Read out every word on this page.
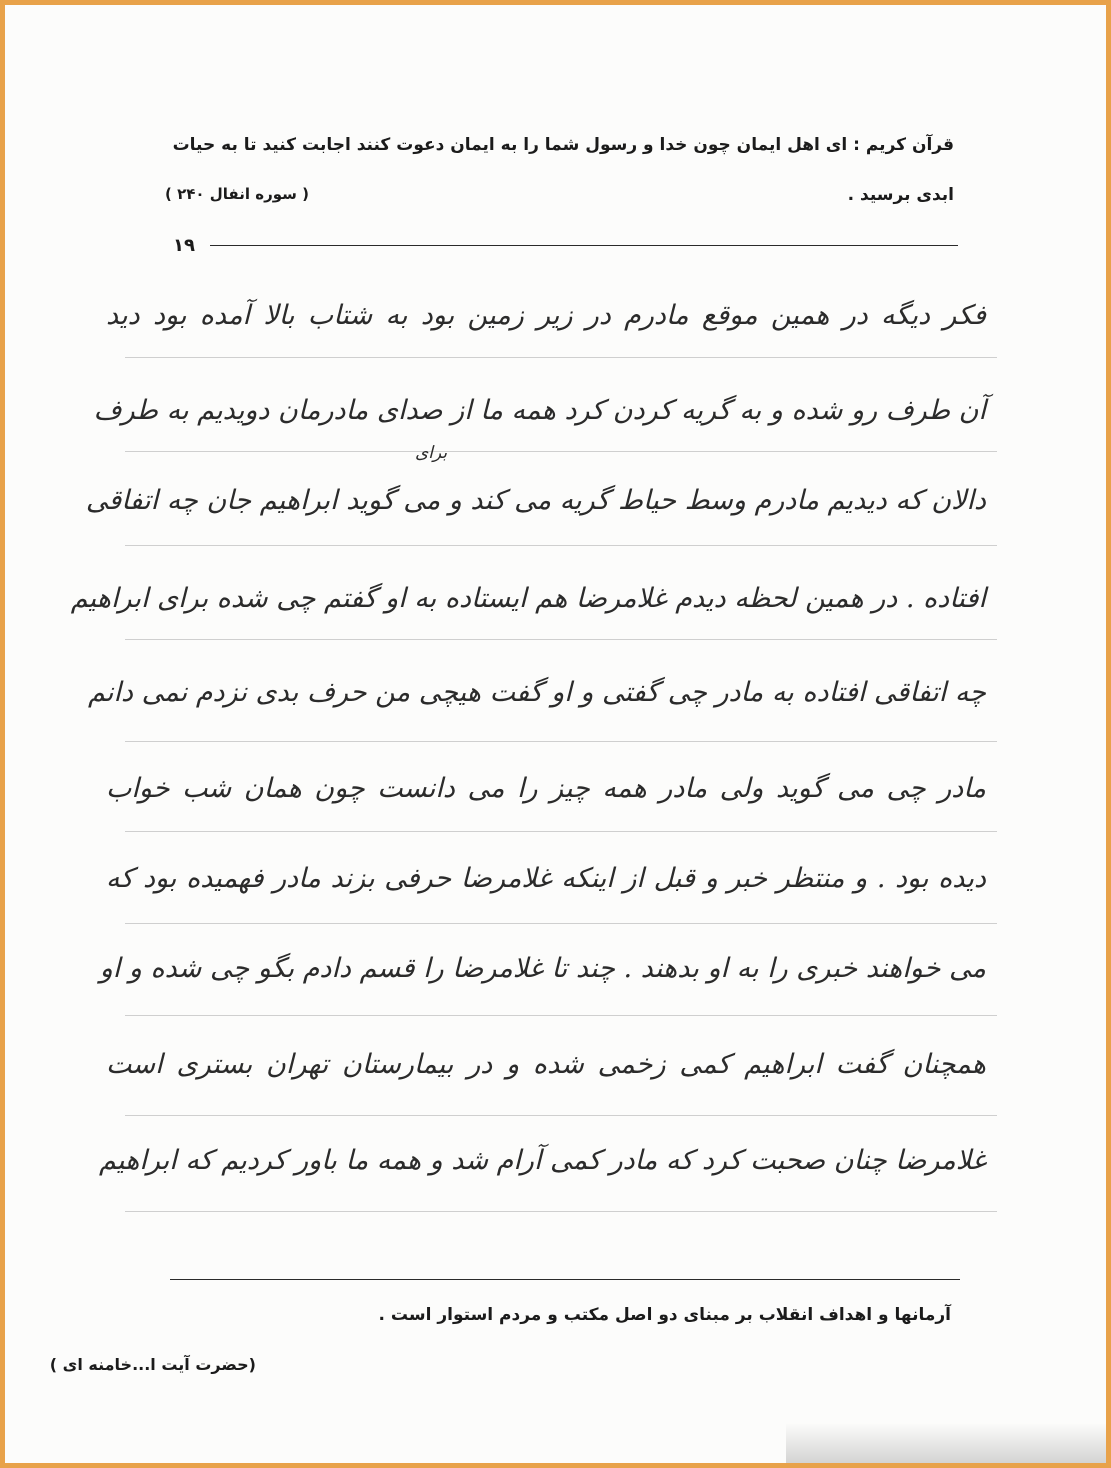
قرآن کریم : ای اهل ایمان چون خدا و رسول شما را به ایمان دعوت کنند اجابت کنید تا به حیات
ابدی برسید .
( سوره انفال ۲۴۰ )
۱۹
فکر دیگه در همین موقع مادرم در زیر زمین بود به شتاب بالا آمده بود دید
آن طرف رو شده و به گریه کردن کرد همه ما از صدای مادرمان دویدیم به طرف
برای
دالان که دیدیم مادرم وسط حیاط گریه می کند و می گوید ابراهیم جان چه اتفاقی
افتاده . در همین لحظه دیدم غلامرضا هم ایستاده به او گفتم چی شده برای ابراهیم
چه اتفاقی افتاده به مادر چی گفتی و او گفت هیچی من حرف بدی نزدم نمی دانم
مادر چی می گوید ولی مادر همه چیز را می دانست چون همان شب خواب
دیده بود . و منتظر خبر و قبل از اینکه غلامرضا حرفی بزند مادر فهمیده بود که
می خواهند خبری را به او بدهند . چند تا غلامرضا را قسم دادم بگو چی شده و او
همچنان گفت ابراهیم کمی زخمی شده و در بیمارستان تهران بستری است
غلامرضا چنان صحبت کرد که مادر کمی آرام شد و همه ما باور کردیم که ابراهیم
آرمانها و اهداف انقلاب بر مبنای دو اصل مکتب و مردم استوار است .
(حضرت آیت ا...خامنه ای )
